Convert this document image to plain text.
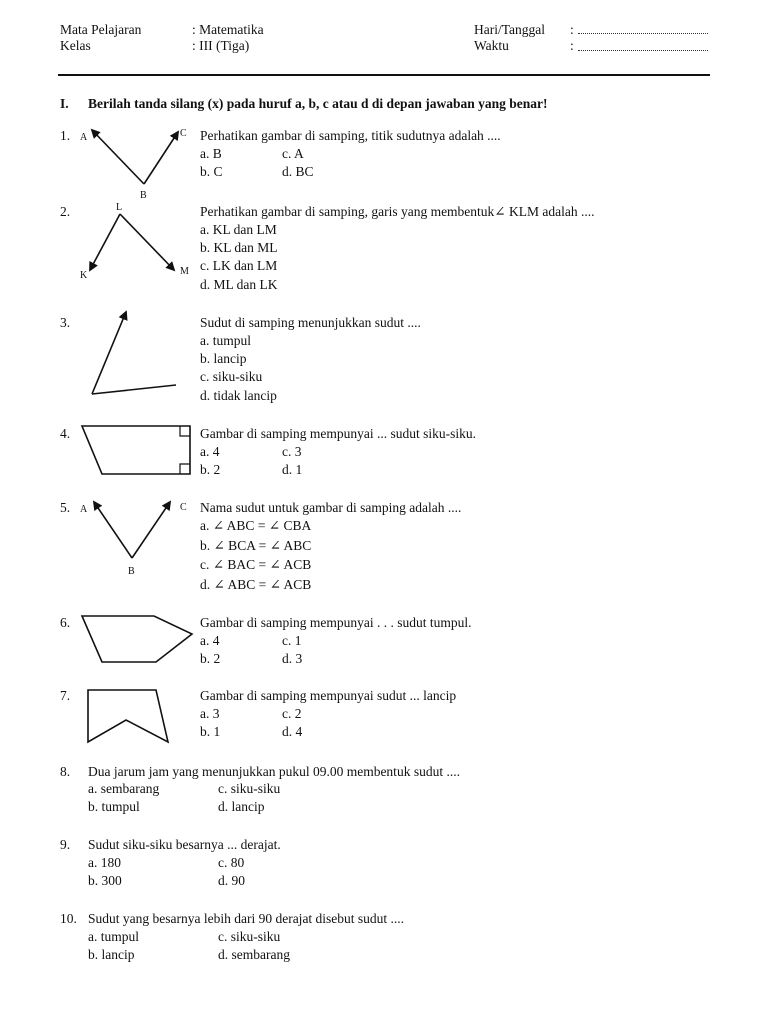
Mata Pelajaran	: Matematika
Kelas	: III (Tiga)
Hari/Tanggal :
Waktu	:
I. Berilah tanda silang (x) pada huruf a, b, c atau d di depan jawaban yang benar!
1. A	C
B
Perhatikan gambar di samping, titik sudutnya adalah ....
a. B	c. A
b. C	d. BC
2.	L
K	M
Perhatikan gambar di samping, garis yang membentuk∠ KLM adalah ....
a. KL dan LM
b. KL dan ML
c. LK dan LM
d. ML dan LK
3.	Sudut di samping menunjukkan sudut ....
a. tumpul
b. lancip
c. siku-siku
d. tidak lancip
4.	Gambar di samping mempunyai ... sudut siku-siku.
a. 4	c. 3
b. 2	d. 1
5. A	C
B
Nama sudut untuk gambar di samping adalah ....
a. ∠ ABC = ∠ CBA
b. ∠ BCA = ∠ ABC
c. ∠ BAC = ∠ ACB
d. ∠ ABC = ∠ ACB
6.	Gambar di samping mempunyai . . . sudut tumpul.
a. 4	c. 1
b. 2	d. 3
7.	Gambar di samping mempunyai sudut ... lancip
a. 3	c. 2
b. 1	d. 4
8. Dua jarum jam yang menunjukkan pukul 09.00 membentuk sudut ....
a. sembarang	c. siku-siku
b. tumpul	d. lancip
9. Sudut siku-siku besarnya ... derajat.
a. 180	c. 80
b. 300	d. 90
10. Sudut yang besarnya lebih dari 90 derajat disebut sudut ....
a. tumpul	c. siku-siku
b. lancip	d. sembarang
